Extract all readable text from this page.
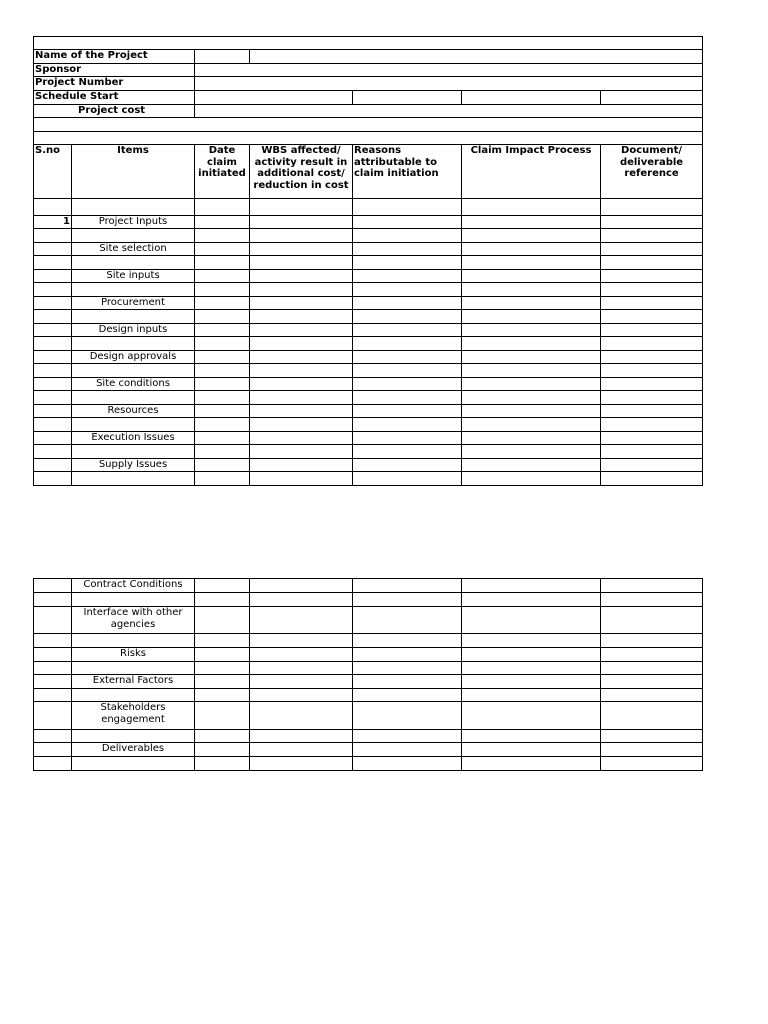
Name of the Project						
Sponsor						
Project Number						
Schedule Start						
Project cost						

S.no	Items	Date claim initiated	WBS affected/ activity result in additional cost/ reduction in cost	Reasons attributable to claim initiation	Claim Impact Process	Document/ deliverable reference

1	Project Inputs					

	Site selection					

	Site inputs					

	Procurement					

	Design inputs					

	Design approvals					

	Site conditions					

	Resources					

	Execution Issues					

	Supply Issues					

	Contract Conditions					

	Interface with other agencies					

	Risks					

	External Factors					

	Stakeholders engagement					

	Deliverables					
